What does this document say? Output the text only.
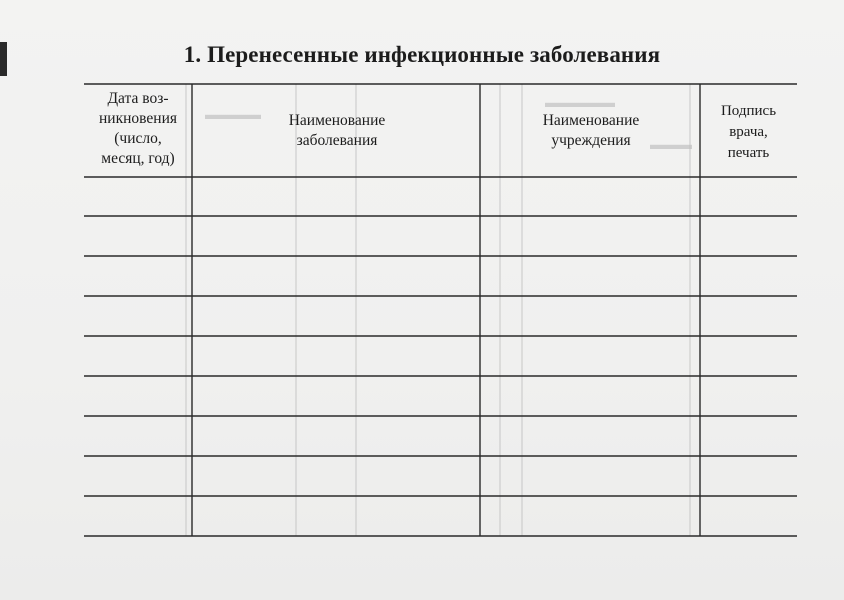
▬▬▬▬
▬▬▬▬▬
▬▬▬
1. Перенесенные инфекционные заболевания
Дата воз-
никновения
(число,
месяц, год)
Наименование
заболевания
Наименование
учреждения
Подпись
врача,
печать
